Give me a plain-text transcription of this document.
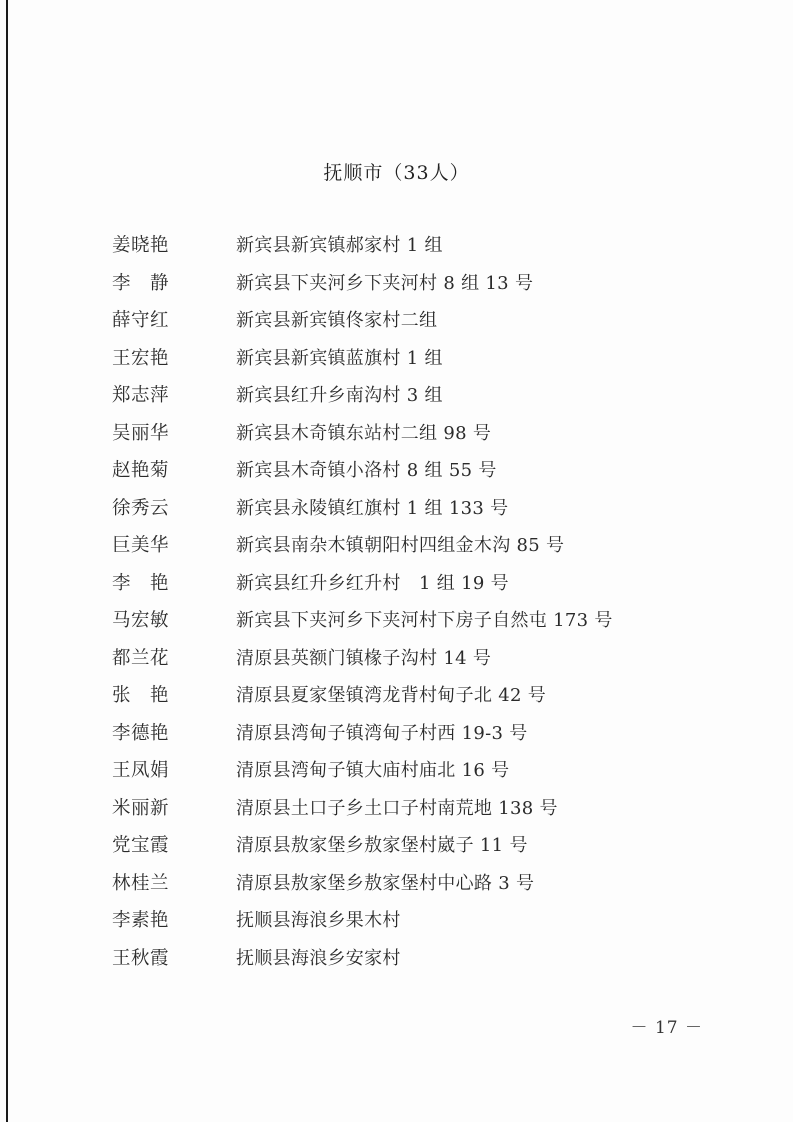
抚顺市（33人）
姜晓艳	新宾县新宾镇郝家村 1 组
李　静	新宾县下夹河乡下夹河村 8 组 13 号
薛守红	新宾县新宾镇佟家村二组
王宏艳	新宾县新宾镇蓝旗村 1 组
郑志萍	新宾县红升乡南沟村 3 组
吴丽华	新宾县木奇镇东站村二组 98 号
赵艳菊	新宾县木奇镇小洛村 8 组 55 号
徐秀云	新宾县永陵镇红旗村 1 组 133 号
巨美华	新宾县南杂木镇朝阳村四组金木沟 85 号
李　艳	新宾县红升乡红升村　1 组 19 号
马宏敏	新宾县下夹河乡下夹河村下房子自然屯 173 号
都兰花	清原县英额门镇椽子沟村 14 号
张　艳	清原县夏家堡镇湾龙背村甸子北 42 号
李德艳	清原县湾甸子镇湾甸子村西 19-3 号
王凤娟	清原县湾甸子镇大庙村庙北 16 号
米丽新	清原县土口子乡土口子村南荒地 138 号
党宝霞	清原县敖家堡乡敖家堡村崴子 11 号
林桂兰	清原县敖家堡乡敖家堡村中心路 3 号
李素艳	抚顺县海浪乡果木村
王秋霞	抚顺县海浪乡安家村
－ 17 －
